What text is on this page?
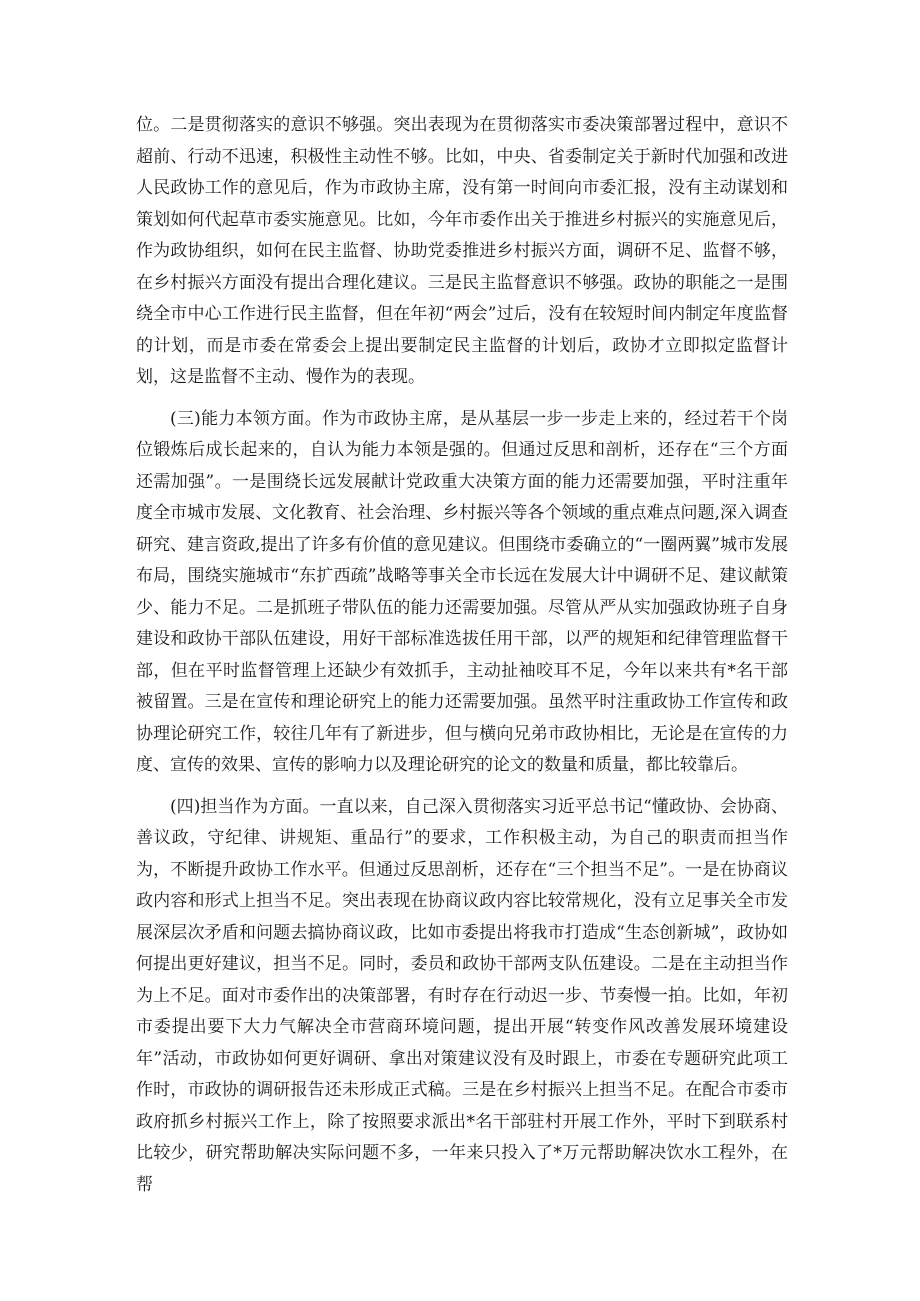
位。二是贯彻落实的意识不够强。突出表现为在贯彻落实市委决策部署过程中，意识不超前、行动不迅速，积极性主动性不够。比如，中央、省委制定关于新时代加强和改进人民政协工作的意见后，作为市政协主席，没有第一时间向市委汇报，没有主动谋划和策划如何代起草市委实施意见。比如，今年市委作出关于推进乡村振兴的实施意见后，作为政协组织，如何在民主监督、协助党委推进乡村振兴方面，调研不足、监督不够，在乡村振兴方面没有提出合理化建议。三是民主监督意识不够强。政协的职能之一是围绕全市中心工作进行民主监督，但在年初“两会”过后，没有在较短时间内制定年度监督的计划，而是市委在常委会上提出要制定民主监督的计划后，政协才立即拟定监督计划，这是监督不主动、慢作为的表现。

(三)能力本领方面。作为市政协主席，是从基层一步一步走上来的，经过若干个岗位锻炼后成长起来的，自认为能力本领是强的。但通过反思和剖析，还存在“三个方面还需加强”。一是围绕长远发展献计党政重大决策方面的能力还需要加强，平时注重年度全市城市发展、文化教育、社会治理、乡村振兴等各个领域的重点难点问题,深入调查研究、建言资政,提出了许多有价值的意见建议。但围绕市委确立的“一圈两翼”城市发展布局，围绕实施城市“东扩西疏”战略等事关全市长远在发展大计中调研不足、建议献策少、能力不足。二是抓班子带队伍的能力还需要加强。尽管从严从实加强政协班子自身建设和政协干部队伍建设，用好干部标准选拔任用干部，以严的规矩和纪律管理监督干部，但在平时监督管理上还缺少有效抓手，主动扯袖咬耳不足，今年以来共有*名干部被留置。三是在宣传和理论研究上的能力还需要加强。虽然平时注重政协工作宣传和政协理论研究工作，较往几年有了新进步，但与横向兄弟市政协相比，无论是在宣传的力度、宣传的效果、宣传的影响力以及理论研究的论文的数量和质量，都比较靠后。

(四)担当作为方面。一直以来，自己深入贯彻落实习近平总书记“懂政协、会协商、善议政，守纪律、讲规矩、重品行”的要求，工作积极主动，为自己的职责而担当作为，不断提升政协工作水平。但通过反思剖析，还存在“三个担当不足”。一是在协商议政内容和形式上担当不足。突出表现在协商议政内容比较常规化，没有立足事关全市发展深层次矛盾和问题去搞协商议政，比如市委提出将我市打造成“生态创新城”，政协如何提出更好建议，担当不足。同时，委员和政协干部两支队伍建设。二是在主动担当作为上不足。面对市委作出的决策部署，有时存在行动迟一步、节奏慢一拍。比如，年初市委提出要下大力气解决全市营商环境问题，提出开展“转变作风改善发展环境建设年”活动，市政协如何更好调研、拿出对策建议没有及时跟上，市委在专题研究此项工作时，市政协的调研报告还未形成正式稿。三是在乡村振兴上担当不足。在配合市委市政府抓乡村振兴工作上，除了按照要求派出*名干部驻村开展工作外，平时下到联系村比较少，研究帮助解决实际问题不多，一年来只投入了*万元帮助解决饮水工程外，在帮
